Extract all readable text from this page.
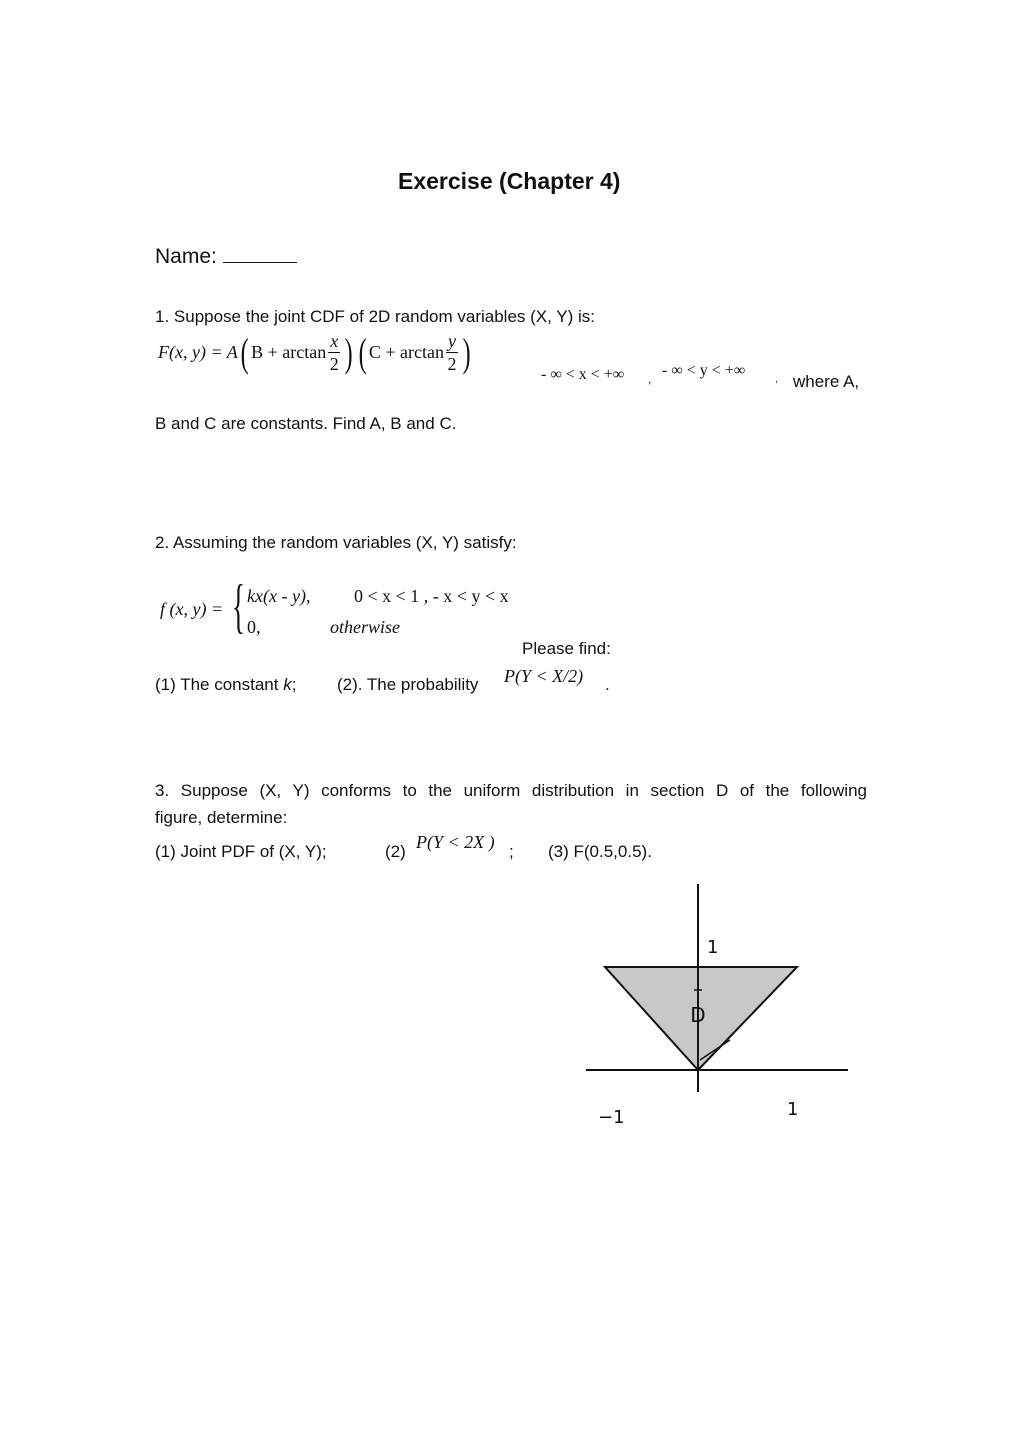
Exercise (Chapter 4)
Name:
1. Suppose the joint CDF of 2D random variables (X, Y) is:
F(x, y) = A ( $B + \arctan \frac{x}{2}$ ) ( $C + \arctan \frac{y}{2}$ )	- ∞ < x < +∞ , - ∞ < y < +∞
, where A,
B and C are constants. Find A, B and C.
2. Assuming the random variables (X, Y) satisfy:
f (x, y) = { kx(x - y), 0 < x < 1 , - x < y < x
0,	otherwise
Please find:
(1) The constant k; (2). The probability P(Y < X/2) .
3. Suppose (X, Y) conforms to the uniform distribution in section D of the following
figure, determine:
(1) Joint PDF of (X, Y);	(2) P(Y < 2X ) ; (3) F(0.5,0.5).
D
1
−1	1
